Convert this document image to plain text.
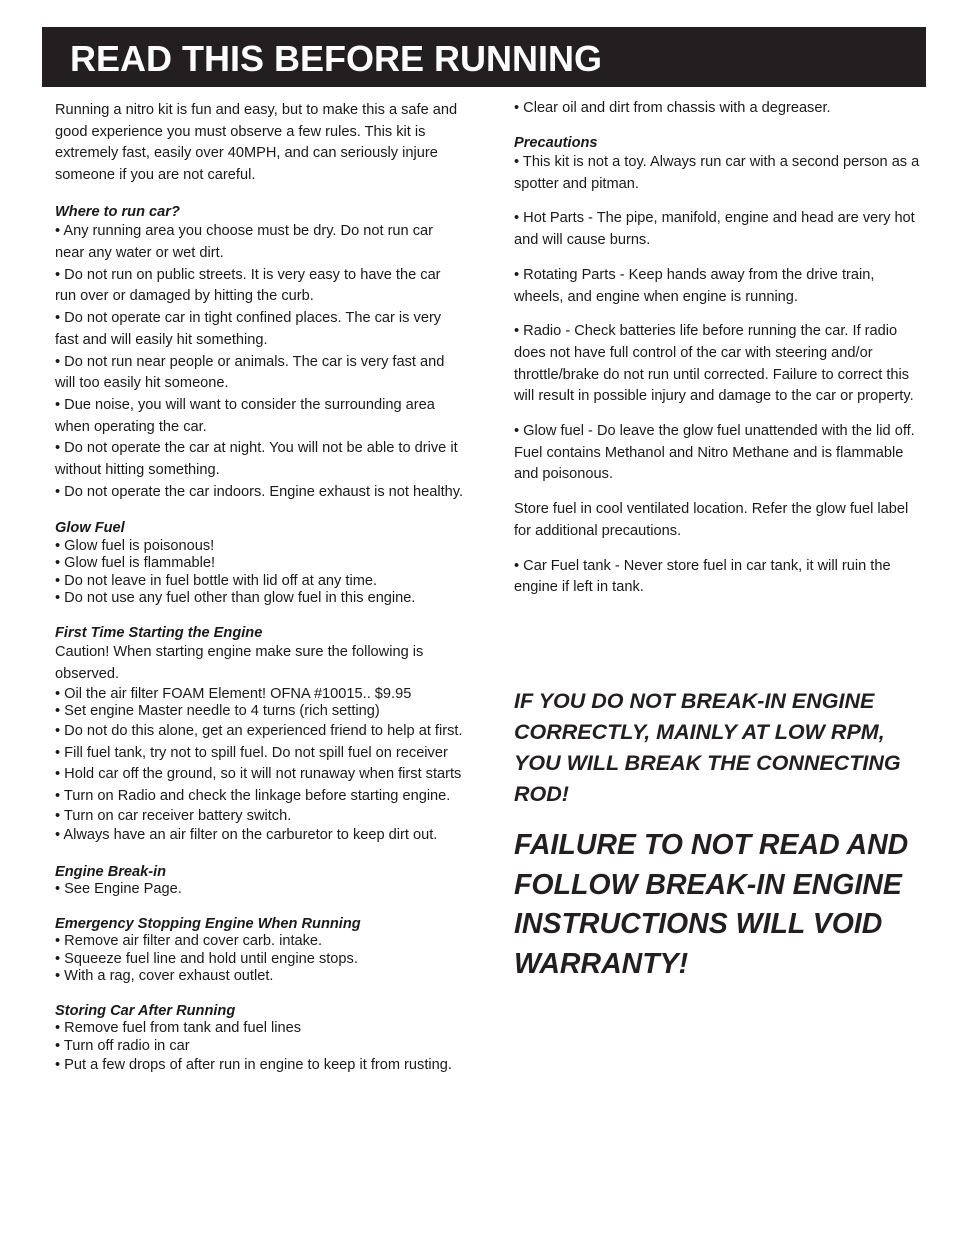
READ THIS BEFORE RUNNING

Running a nitro kit is fun and easy, but to make this a safe and good experience you must observe a few rules. This kit is extremely fast, easily over 40MPH, and can seriously injure someone if you are not careful.

Where to run car?

• Any running area you choose must be dry. Do not run car near any water or wet dirt.

• Do not run on public streets. It is very easy to have the car run over or damaged by hitting the curb.

• Do not operate car in tight confined places. The car is very fast and will easily hit something.

• Do not run near people or animals. The car is very fast and will too easily hit someone.

• Due noise, you will want to consider the surrounding area when operating the car.

• Do not operate the car at night. You will not be able to drive it without hitting something.

• Do not operate the car indoors. Engine exhaust is not healthy.

Glow Fuel

• Glow fuel is poisonous!

• Glow fuel is flammable!

• Do not leave in fuel bottle with lid off at any time.

• Do not use any fuel other than glow fuel in this engine.

First Time Starting the Engine

Caution! When starting engine make sure the following is observed.

• Oil the air filter FOAM Element! OFNA #10015.. $9.95

• Set engine Master needle to 4 turns (rich setting)

• Do not do this alone, get an experienced friend to help at first.

• Fill fuel tank, try not to spill fuel. Do not spill fuel on receiver

• Hold car off the ground, so it will not runaway when first starts

• Turn on Radio and check the linkage before starting engine.

• Turn on car receiver battery switch.

• Always have an air filter on the carburetor to keep dirt out.

Engine Break-in

• See Engine Page.

Emergency Stopping Engine When Running

• Remove air filter and cover carb. intake.

• Squeeze fuel line and hold until engine stops.

• With a rag, cover exhaust outlet.

Storing Car After Running

• Remove fuel from tank and fuel lines

• Turn off radio in car

• Put a few drops of after run in engine to keep it from rusting.

• Clear oil and dirt from chassis with a degreaser.

Precautions

• This kit is not a toy. Always run car with a second person as a spotter and pitman.

• Hot Parts - The pipe, manifold, engine and head are very hot and will cause burns.

• Rotating Parts - Keep hands away from the drive train, wheels, and engine when engine is running.

• Radio - Check batteries life before running the car. If radio does not have full control of the car with steering and/or throttle/brake do not run until corrected. Failure to correct this will result in possible injury and damage to the car or property.

• Glow fuel - Do leave the glow fuel unattended with the lid off. Fuel contains Methanol and Nitro Methane and is flammable and poisonous.

Store fuel in cool ventilated location. Refer the glow fuel label for additional precautions.

• Car Fuel tank - Never store fuel in car tank, it will ruin the engine if left in tank.

IF YOU DO NOT BREAK-IN ENGINE CORRECTLY, MAINLY AT LOW RPM, YOU WILL BREAK THE CONNECTING ROD!

FAILURE TO NOT READ AND FOLLOW BREAK-IN ENGINE INSTRUCTIONS WILL VOID WARRANTY!
